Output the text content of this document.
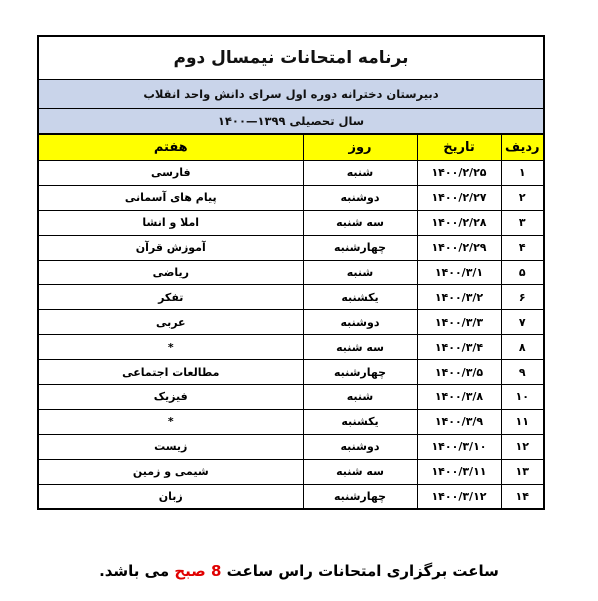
برنامه امتحانات نیمسال دوم
دبیرستان دخترانه دوره اول سرای دانش واحد انقلاب
سال تحصیلی ۱۳۹۹—۱۴۰۰
ردیف	تاریخ	روز	هفتم
۱	۱۴۰۰/۲/۲۵	شنبه	فارسی
۲	۱۴۰۰/۲/۲۷	دوشنبه	پیام های آسمانی
۳	۱۴۰۰/۲/۲۸	سه شنبه	املا و انشا
۴	۱۴۰۰/۲/۲۹	چهارشنبه	آموزش قرآن
۵	۱۴۰۰/۳/۱	شنبه	ریاضی
۶	۱۴۰۰/۳/۲	یکشنبه	تفکر
۷	۱۴۰۰/۳/۳	دوشنبه	عربی
۸	۱۴۰۰/۳/۴	سه شنبه	*
۹	۱۴۰۰/۳/۵	چهارشنبه	مطالعات اجتماعی
۱۰	۱۴۰۰/۳/۸	شنبه	فیزیک
۱۱	۱۴۰۰/۳/۹	یکشنبه	*
۱۲	۱۴۰۰/۳/۱۰	دوشنبه	زیست
۱۳	۱۴۰۰/۳/۱۱	سه شنبه	شیمی و زمین
۱۴	۱۴۰۰/۳/۱۲	چهارشنبه	زبان
ساعت برگزاری امتحانات راس ساعت 8 صبح می باشد.
